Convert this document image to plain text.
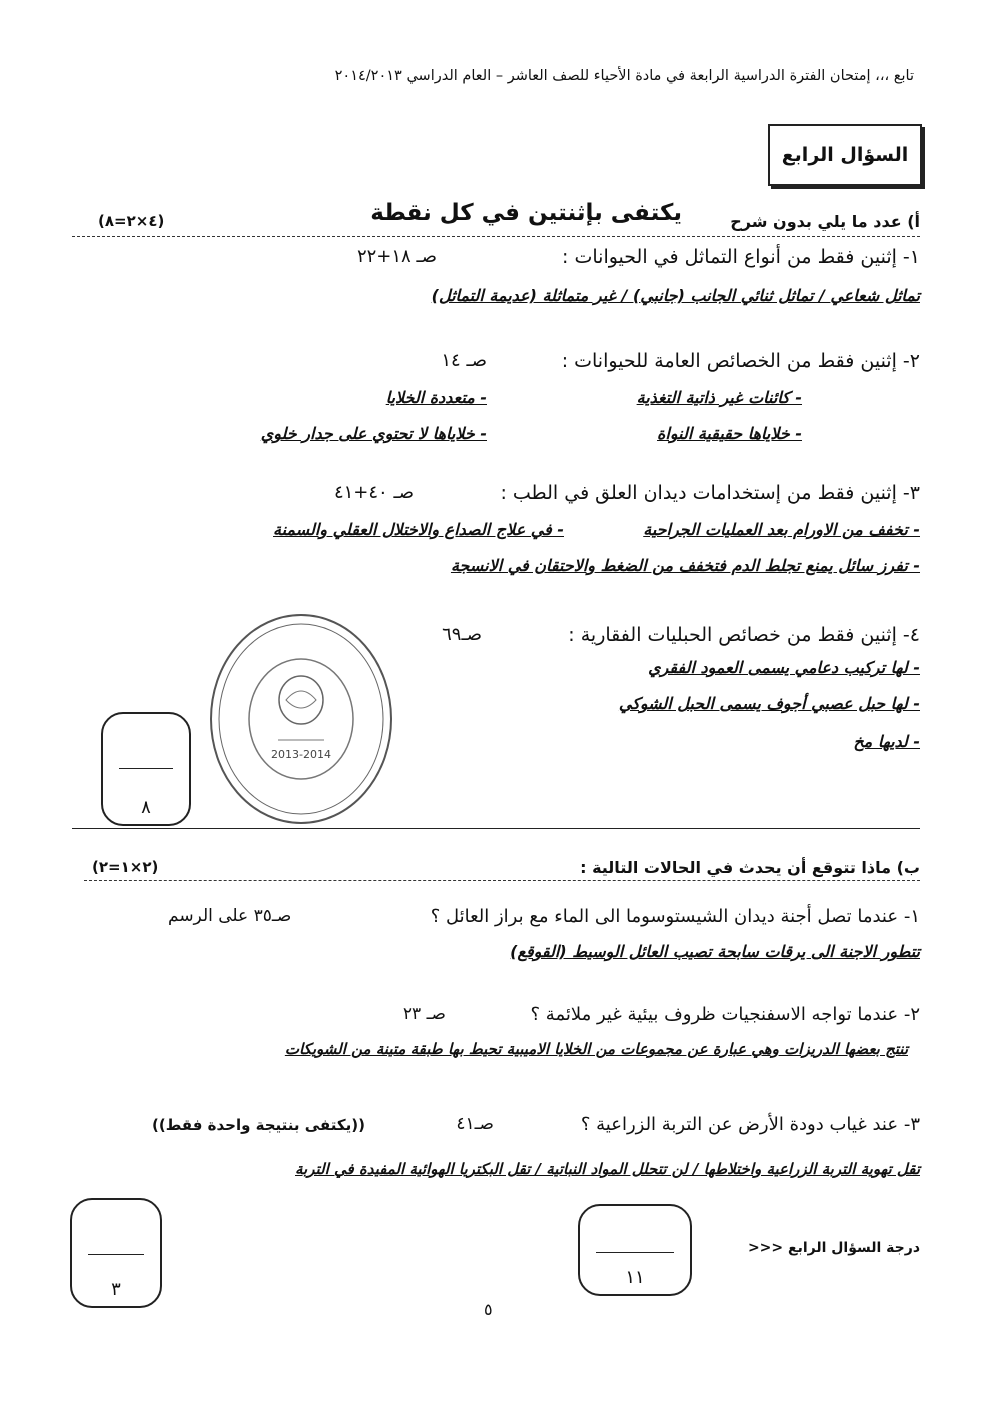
تابع ،،، إمتحان الفترة الدراسية الرابعة في مادة الأحياء للصف العاشر – العام الدراسي ٢٠١٤/٢٠١٣
السؤال الرابع
أ) عدد ما يلي بدون شرح
يكتفى بإثنتين في كل نقطة
(٤×٢=٨)
١- إثنين فقط من أنواع التماثل في الحيوانات :
صـ ١٨+٢٢
تماثل شعاعي / تماثل ثنائي الجانب (جانبي) / غير متماثلة (عديمة التماثل)
٢- إثنين فقط من الخصائص العامة للحيوانات :
صـ ١٤
- كائنات غير ذاتية التغذية
- متعددة الخلايا
- خلاياها حقيقية النواة
- خلاياها لا تحتوي على جدار خلوي
٣- إثنين فقط من إستخدامات ديدان العلق في الطب :
صـ ٤٠+٤١
- تخفف من الاورام بعد العمليات الجراحية
- في علاج الصداع والاختلال العقلي والسمنة
- تفرز سائل يمنع تجلط الدم فتخفف من الضغط والاحتقان في الانسجة
٤- إثنين فقط من خصائص الحبليات الفقارية :
صـ٦٩
- لها تركيب دعامي يسمى العمود الفقري
- لها حبل عصبي أجوف يسمى الحبل الشوكي
- لديها مخ
2013-2014
٨
ب) ماذا تتوقع أن يحدث في الحالات التالية :
(٢×١=٢)
١- عندما تصل أجنة ديدان الشيستوسوما الى الماء مع براز العائل ؟
صـ٣٥ على الرسم
تتطور الاجنة الى يرقات سابحة تصيب العائل الوسيط (القوقع)
٢- عندما تواجه الاسفنجيات ظروف بيئية غير ملائمة ؟
صـ ٢٣
تنتج بعضها الدريزات وهي عبارة عن مجموعات من الخلايا الاميبية تحيط بها طبقة متينة من الشويكات
٣- عند غياب دودة الأرض عن التربة الزراعية ؟
صـ٤١
((يكتفى بنتيجة واحدة فقط))
تقل تهوية التربة الزراعية واختلاطها / لن تتحلل المواد النباتية / تقل البكتريا الهوائية المفيدة في التربة
٣
درجة السؤال الرابع <<<
١١
٥
